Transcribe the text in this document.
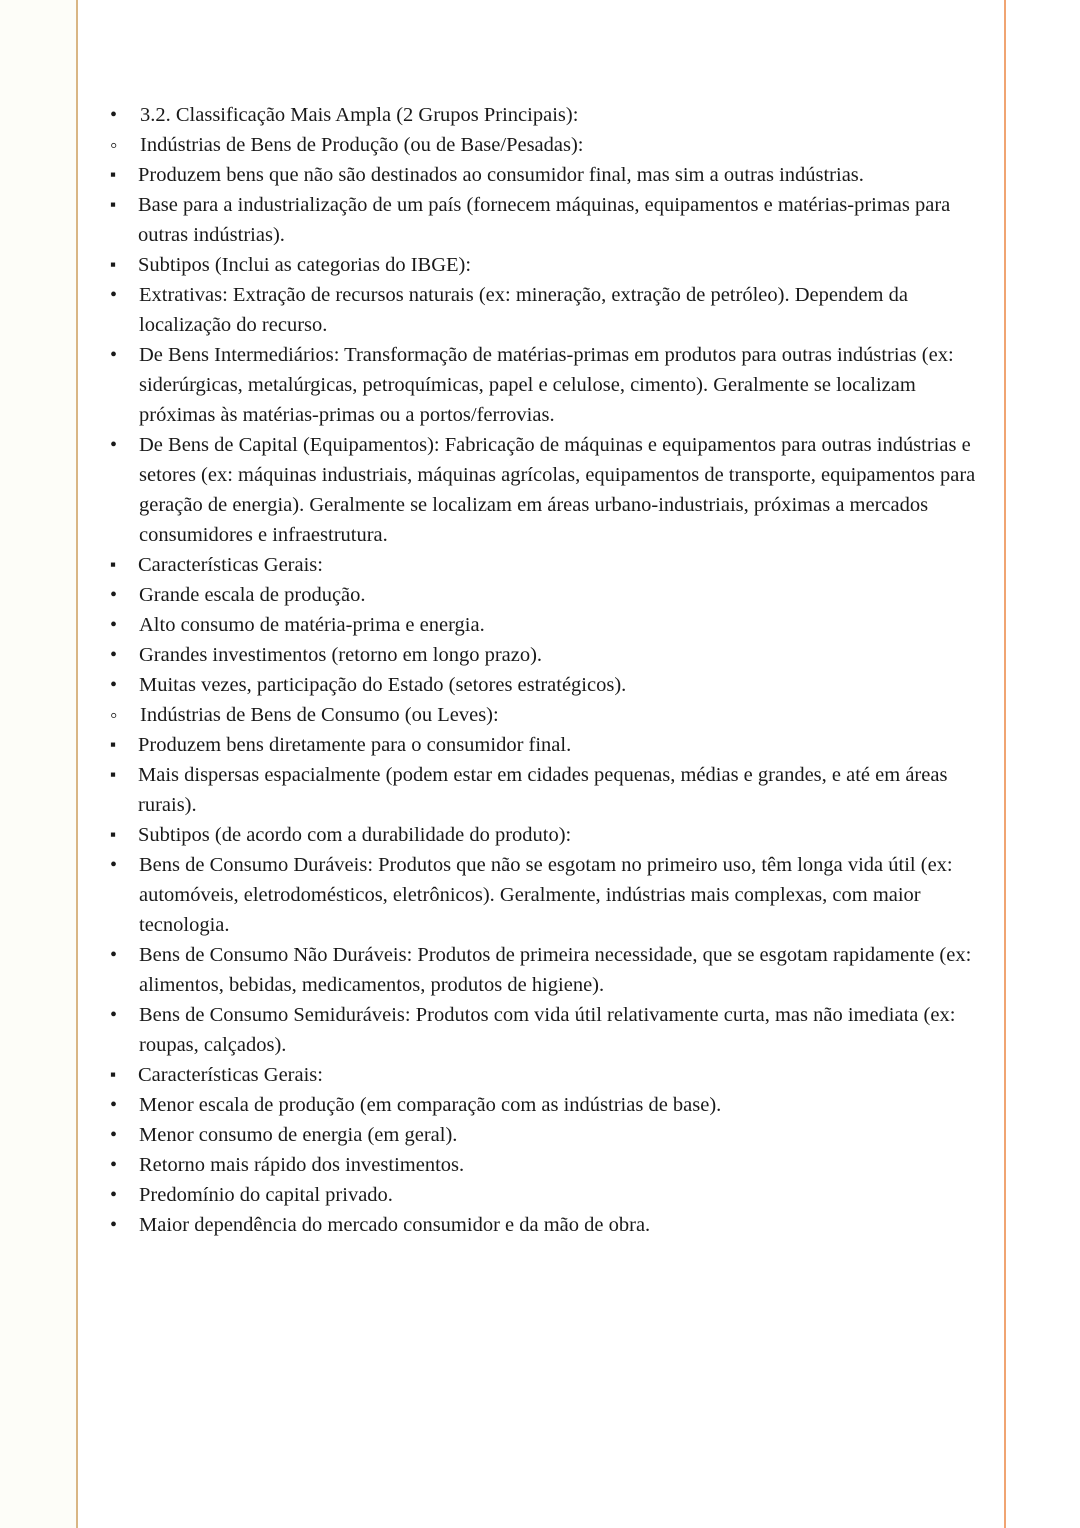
•
3.2. Classificação Mais Ampla (2 Grupos Principais):
◦
Indústrias de Bens de Produção (ou de Base/Pesadas):
▪
Produzem bens que não são destinados ao consumidor final, mas sim a outras indústrias.
▪
Base para a industrialização de um país (fornecem máquinas, equipamentos e matérias-primas para outras indústrias).
▪
Subtipos (Inclui as categorias do IBGE):
•
Extrativas: Extração de recursos naturais (ex: mineração, extração de petróleo). Dependem da localização do recurso.
•
De Bens Intermediários: Transformação de matérias-primas em produtos para outras indústrias (ex: siderúrgicas, metalúrgicas, petroquímicas, papel e celulose, cimento). Geralmente se localizam próximas às matérias-primas ou a portos/ferrovias.
•
De Bens de Capital (Equipamentos): Fabricação de máquinas e equipamentos para outras indústrias e setores (ex: máquinas industriais, máquinas agrícolas, equipamentos de transporte, equipamentos para geração de energia). Geralmente se localizam em áreas urbano-industriais, próximas a mercados consumidores e infraestrutura.
▪
Características Gerais:
•
Grande escala de produção.
•
Alto consumo de matéria-prima e energia.
•
Grandes investimentos (retorno em longo prazo).
•
Muitas vezes, participação do Estado (setores estratégicos).
◦
Indústrias de Bens de Consumo (ou Leves):
▪
Produzem bens diretamente para o consumidor final.
▪
Mais dispersas espacialmente (podem estar em cidades pequenas, médias e grandes, e até em áreas rurais).
▪
Subtipos (de acordo com a durabilidade do produto):
•
Bens de Consumo Duráveis: Produtos que não se esgotam no primeiro uso, têm longa vida útil (ex: automóveis, eletrodomésticos, eletrônicos). Geralmente, indústrias mais complexas, com maior tecnologia.
•
Bens de Consumo Não Duráveis: Produtos de primeira necessidade, que se esgotam rapidamente (ex: alimentos, bebidas, medicamentos, produtos de higiene).
•
Bens de Consumo Semiduráveis: Produtos com vida útil relativamente curta, mas não imediata (ex: roupas, calçados).
▪
Características Gerais:
•
Menor escala de produção (em comparação com as indústrias de base).
•
Menor consumo de energia (em geral).
•
Retorno mais rápido dos investimentos.
•
Predomínio do capital privado.
•
Maior dependência do mercado consumidor e da mão de obra.
